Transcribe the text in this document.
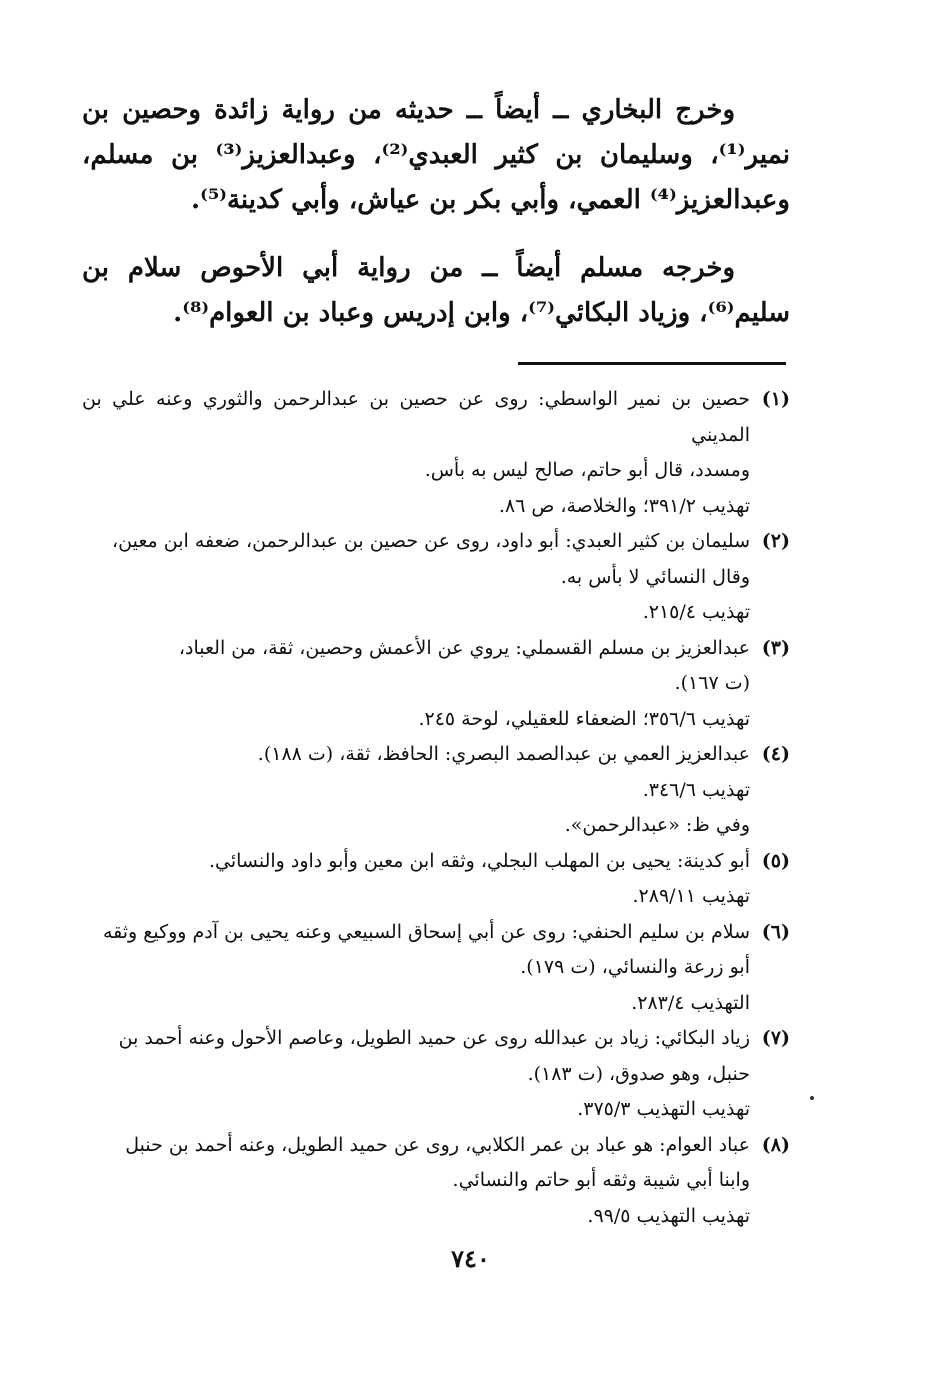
وخرج البخاري ــ أيضاً ــ حديثه من رواية زائدة وحصين بن نمير⁽¹⁾، وسليمان بن كثير العبدي⁽²⁾، وعبدالعزيز⁽³⁾ بن مسلم، وعبدالعزيز⁽⁴⁾ العمي، وأبي بكر بن عياش، وأبي كدينة⁽⁵⁾.

وخرجه مسلم أيضاً ــ من رواية أبي الأحوص سلام بن سليم⁽⁶⁾، وزياد البكائي⁽⁷⁾، وابن إدريس وعباد بن العوام⁽⁸⁾.

(١)
حصين بن نمير الواسطي: روى عن حصين بن عبدالرحمن والثوري وعنه علي بن المديني
ومسدد، قال أبو حاتم، صالح ليس به بأس.
تهذيب ٣٩١/٢؛ والخلاصة، ص ٨٦.
(٢)
سليمان بن كثير العبدي: أبو داود، روى عن حصين بن عبدالرحمن، ضعفه ابن معين،
وقال النسائي لا بأس به.
تهذيب ٢١٥/٤.
(٣)
عبدالعزيز بن مسلم القسملي: يروي عن الأعمش وحصين، ثقة، من العباد،
(ت ١٦٧).
تهذيب ٣٥٦/٦؛ الضعفاء للعقيلي، لوحة ٢٤٥.
(٤)
عبدالعزيز العمي بن عبدالصمد البصري: الحافظ، ثقة، (ت ١٨٨).
تهذيب ٣٤٦/٦.
وفي ظ: «عبدالرحمن».
(٥)
أبو كدينة: يحيى بن المهلب البجلي، وثقه ابن معين وأبو داود والنسائي.
تهذيب ٢٨٩/١١.
(٦)
سلام بن سليم الحنفي: روى عن أبي إسحاق السبيعي وعنه يحيى بن آدم ووكيع وثقه
أبو زرعة والنسائي، (ت ١٧٩).
التهذيب ٢٨٣/٤.
(٧)
زياد البكائي: زياد بن عبدالله روى عن حميد الطويل، وعاصم الأحول وعنه أحمد بن
حنبل، وهو صدوق، (ت ١٨٣).
تهذيب التهذيب ٣٧٥/٣.
(٨)
عباد العوام: هو عباد بن عمر الكلابي، روى عن حميد الطويل، وعنه أحمد بن حنبل
وابنا أبي شيبة وثقه أبو حاتم والنسائي.
تهذيب التهذيب ٩٩/٥.
٧٤٠
